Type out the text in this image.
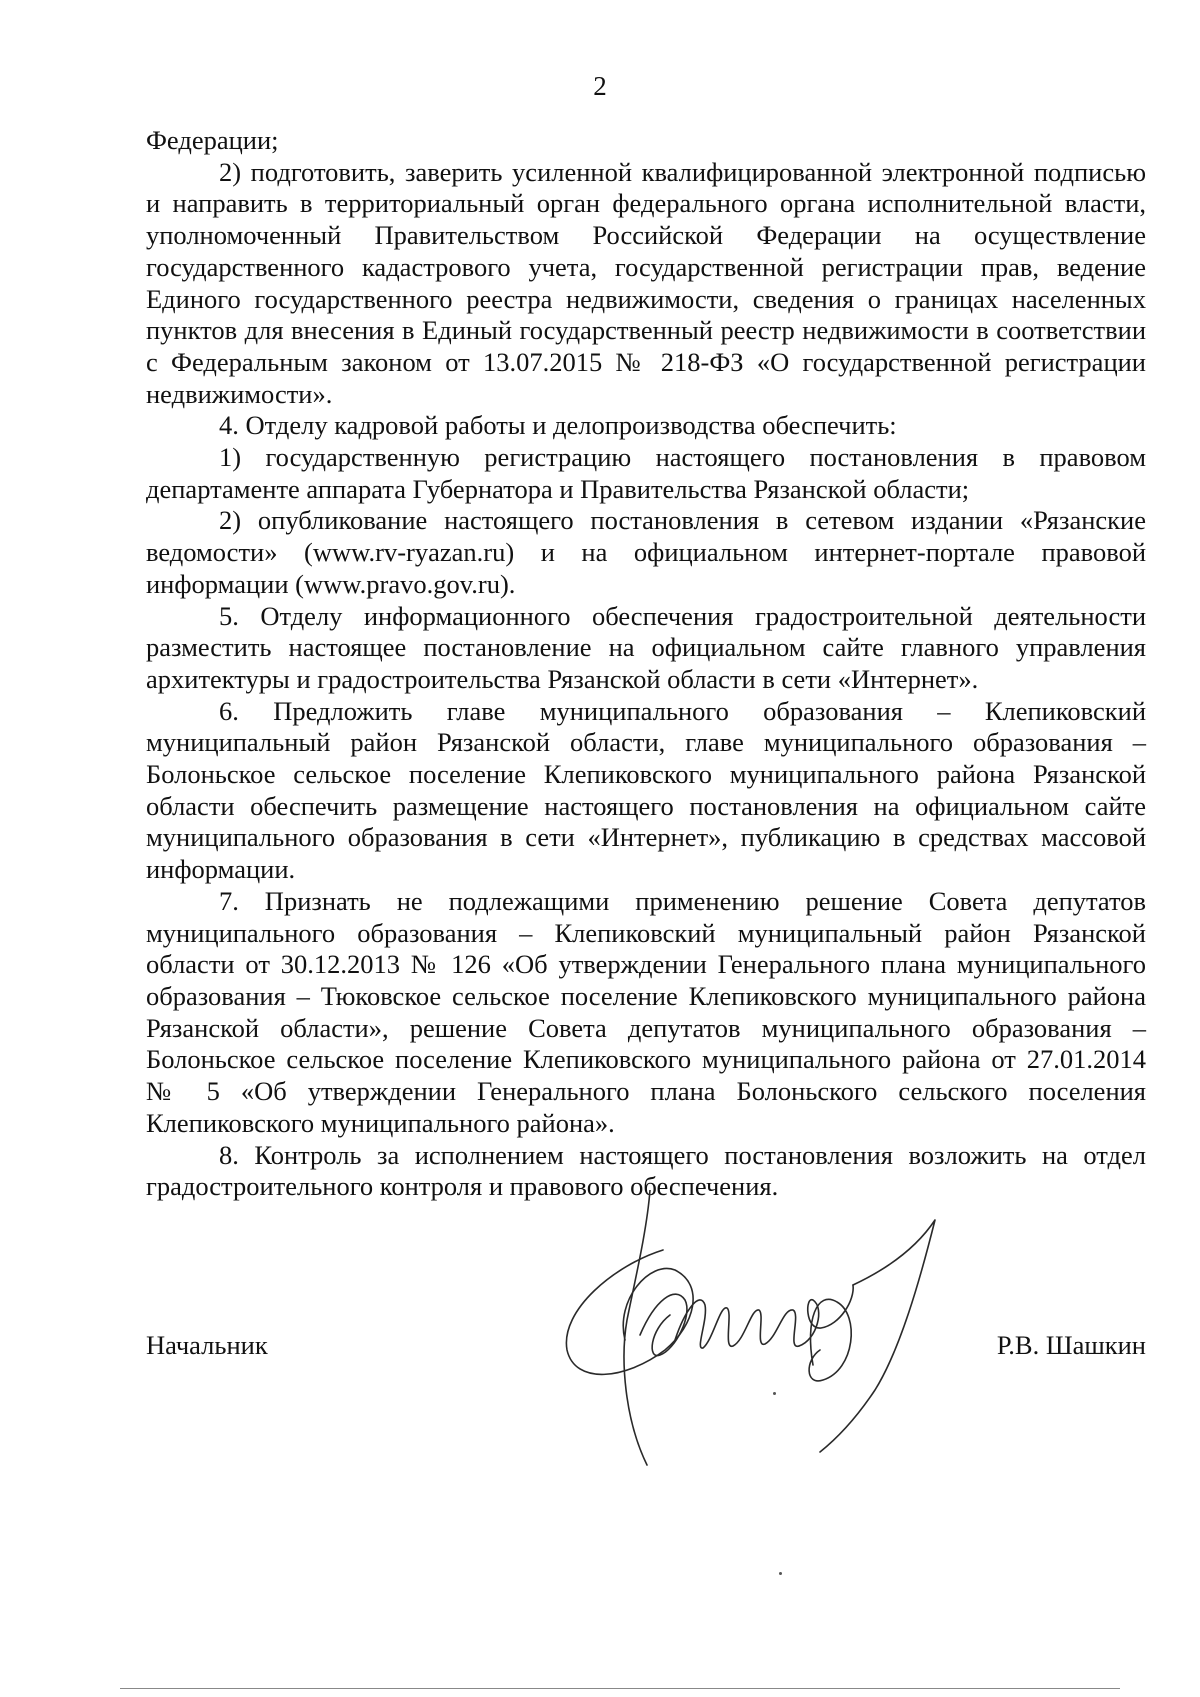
2

Федерации;

2) подготовить, заверить усиленной квалифицированной электронной подписью и направить в территориальный орган федерального органа исполнительной власти, уполномоченный Правительством Российской Федерации на осуществление государственного кадастрового учета, государственной регистрации прав, ведение Единого государственного реестра недвижимости, сведения о границах населенных пунктов для внесения в Единый государственный реестр недвижимости в соответствии с Федеральным законом от 13.07.2015 № 218-ФЗ «О государственной регистрации недвижимости».

4. Отделу кадровой работы и делопроизводства обеспечить:

1) государственную регистрацию настоящего постановления в правовом департаменте аппарата Губернатора и Правительства Рязанской области;

2) опубликование настоящего постановления в сетевом издании «Рязанские ведомости» (www.rv-ryazan.ru) и на официальном интернет-портале правовой информации (www.pravo.gov.ru).

5. Отделу информационного обеспечения градостроительной деятельности разместить настоящее постановление на официальном сайте главного управления архитектуры и градостроительства Рязанской области в сети «Интернет».

6. Предложить главе муниципального образования – Клепиковский муниципальный район Рязанской области, главе муниципального образования – Болоньское сельское поселение Клепиковского муниципального района Рязанской области обеспечить размещение настоящего постановления на официальном сайте муниципального образования в сети «Интернет», публикацию в средствах массовой информации.

7. Признать не подлежащими применению решение Совета депутатов муниципального образования – Клепиковский муниципальный район Рязанской области от 30.12.2013 № 126 «Об утверждении Генерального плана муниципального образования – Тюковское сельское поселение Клепиковского муниципального района Рязанской области», решение Совета депутатов муниципального образования – Болоньское сельское поселение Клепиковского муниципального района от 27.01.2014 № 5 «Об утверждении Генерального плана Болоньского сельского поселения Клепиковского муниципального района».

8. Контроль за исполнением настоящего постановления возложить на отдел градостроительного контроля и правового обеспечения.

Начальник	Р.В. Шашкин
